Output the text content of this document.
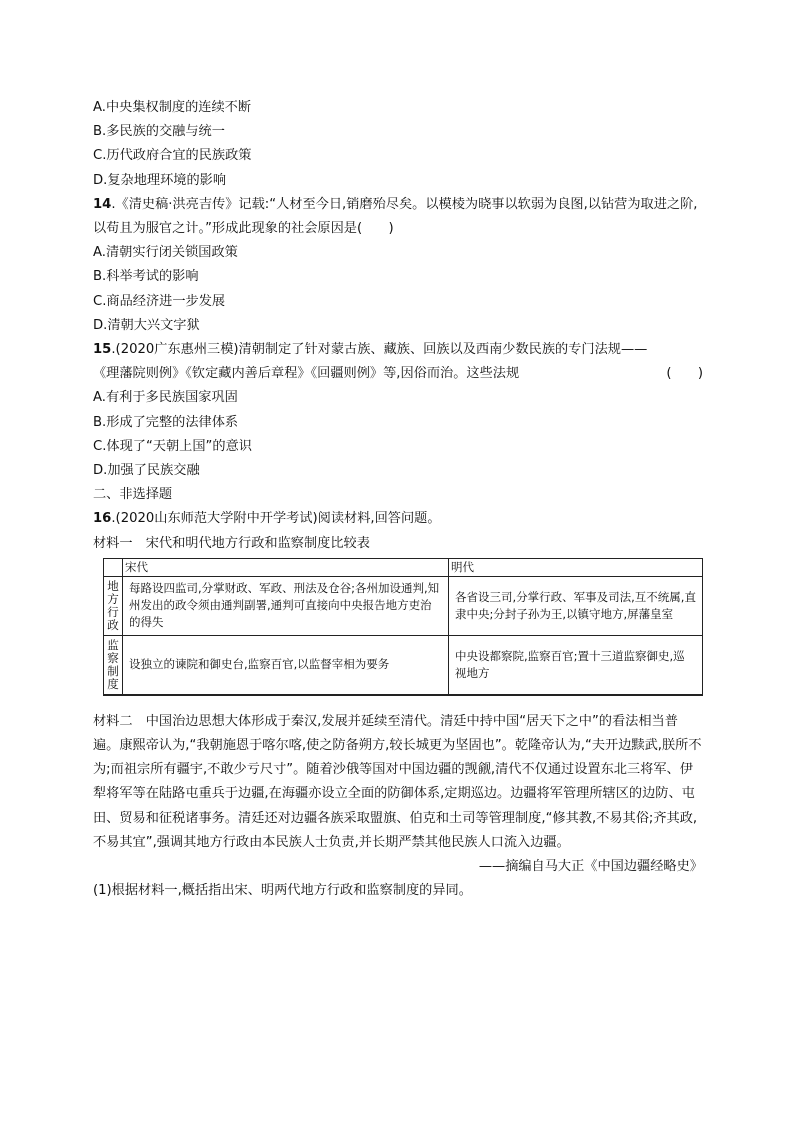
A.中央集权制度的连续不断
B.多民族的交融与统一
C.历代政府合宜的民族政策
D.复杂地理环境的影响
14.《清史稿·洪亮吉传》记载:“人材至今日,销磨殆尽矣。以模棱为晓事以软弱为良图,以钻营为取进之阶,以苟且为服官之计。”形成此现象的社会原因是(　　)
A.清朝实行闭关锁国政策
B.科举考试的影响
C.商品经济进一步发展
D.清朝大兴文字狱
15.(2020广东惠州三模)清朝制定了针对蒙古族、藏族、回族以及西南少数民族的专门法规——
《理藩院则例》《钦定藏内善后章程》《回疆则例》等,因俗而治。这些法规	(　　)
A.有利于多民族国家巩固
B.形成了完整的法律体系
C.体现了“天朝上国”的意识
D.加强了民族交融
二、非选择题
16.(2020山东师范大学附中开学考试)阅读材料,回答问题。
材料一　宋代和明代地方行政和监察制度比较表
	宋代	明代
地方行政	每路设四监司,分掌财政、军政、刑法及仓谷;各州加设通判,知州发出的政令须由通判副署,通判可直接向中央报告地方吏治的得失	各省设三司,分掌行政、军事及司法,互不统属,直隶中央;分封子孙为王,以镇守地方,屏藩皇室
监察制度	设独立的谏院和御史台,监察百官,以监督宰相为要务	中央设都察院,监察百官;置十三道监察御史,巡视地方
材料二　中国治边思想大体形成于秦汉,发展并延续至清代。清廷中持中国“居天下之中”的看法相当普遍。康熙帝认为,“我朝施恩于喀尔喀,使之防备朔方,较长城更为坚固也”。乾隆帝认为,“夫开边黩武,朕所不为;而祖宗所有疆宇,不敢少亏尺寸”。随着沙俄等国对中国边疆的觊觎,清代不仅通过设置东北三将军、伊犁将军等在陆路屯重兵于边疆,在海疆亦设立全面的防御体系,定期巡边。边疆将军管理所辖区的边防、屯田、贸易和征税诸事务。清廷还对边疆各族采取盟旗、伯克和土司等管理制度,“修其教,不易其俗;齐其政,不易其宜”,强调其地方行政由本民族人士负责,并长期严禁其他民族人口流入边疆。
——摘编自马大正《中国边疆经略史》
(1)根据材料一,概括指出宋、明两代地方行政和监察制度的异同。
